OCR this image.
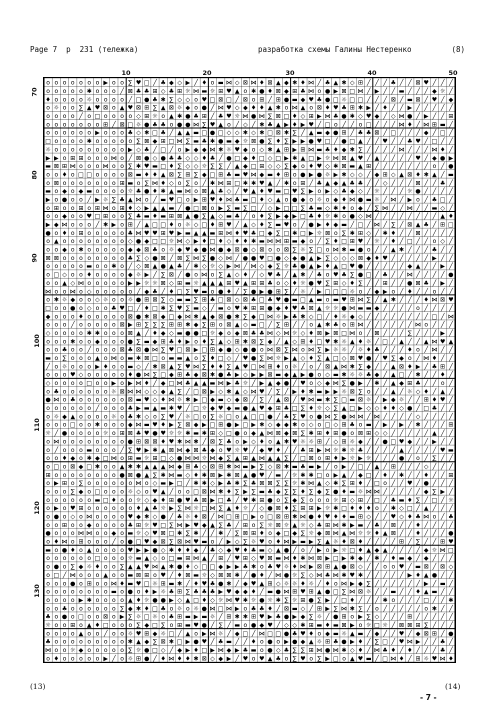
Page 7  p  231 (тележка)	разработка схемы Галины Нестеренко	(8)
10	20	30	40	50
70
80
90
100
110
120
130
o o o o o o o ▶ o o ∑ ♥ □ ╱ ♣ ◆ ◇ ▶ ╱ ♦ o ▬ ⋈ ◇ ⊠ ⋈ ♦ ⊠ ▲ ◆ ✱ ♦ ⋈ ╱ ♣ ▲ ✱ ◇ ⊞ ╱ ╱ ╱ ♣ ╱ ╱ ⊠ ♥ ╱ ╱ ╱
o o o o o ✱ o o o ╱ ⊠ ♣ ♣ ⊞ ◇ ♣ ⊞ ☼ ⋈ ▬ ☼ ⊞ ♥ ▲ o ✱ ● ♦ ⊠ ◆ ⊞ ♣ ⋈ o ● ▶ ⊠ □ ⋈ ╱ ▶ ╱ ╱ ▬ ╱ ╱ ╱ ◆ ☼ ╱
♦ o o o o ☼ o o o o ╱ □ ● ♣ ✱ ∑ ◇ ◇ o ♥ □ ⊠ □ ╱ ⊠ o ⊞ ╱ ⊞ ● ▬ ◆ ♥ ♣ ● □ ☼ □ □ ╱ ╱ ╱ ⊠ ╱ ▬ ⊠ ╱ ♥ ╱ ◆
o ☼ o o ∑ ▲ ♥ ⊠ o ▲ ♥ ⊠ ⊞ ∑ ▲ ⊠ ☼ ◆ o ● ╱ ⋈ ♥ ◇ ◆ ♦ ♦ ▲ ✱ o ⋈ ▲ o ⊠ ♦ ♥ ♣ ⊞ ✱ ▶ ╱ ♦ ╱ ╱ ▶ ╱ ╱ ╱ ╱ ╱
o o o o ╱ o □ o o o o ◇ ⊞ ☼ o ▲ ✱ ● ♣ ⊞ ╱ ♣ ♥ ☼ ⋈ ● ⋈ ∑ ⊠ □ ♦ ◇ ⊞ ▶ ⋈ ♣ ● ✱ ◇ ♥ ◆ ╱ ◇ ⋈ ● ╱ ▶ ╱ ╱ ⊞
o o o o o o o ⊞ ╱ ⊠ □ ☼ ● ♣ ♣ o ● ● ⋈ ∑ ♥ ▲ o ╱ ◇ ╱ ✱ ♣ ▲ ▶ ♦ ▶ ♥ ╱ □ o ╱ ╱ o □ ╱ ╱ ╱ ⋈ ♦ ╱ ⋈ ⊞ ▬ ╱
o o o o o o ▶ o o o ♣ ◇ ✱ □ ♣ ╱ ▲ ▲ ▬ □ ● □ ◇ ◇ ✱ ◇ ✱ □ ⊠ ✱ ∑ ╱ ▲ ▬ ◆ ● ⊞ ╱ ♣ ♣ ⊠ ╱ □ ╱ ╱ ╱ ◆ ╱ □ ╱
□ o o o o ✱ o o o o o ∑ ⊠ ◆ ⊞ □ ⋈ ∑ ▬ ♣ ✱ ● ▬ ◆ ☼ ⊠ ● ∑ ♦ ∑ ▶ ▶ ● ♥ □ ╱ ● □ ▲ ╱ ╱ ♥ ╱ ╱ ♣ ♥ ╱ □ ╱ ╱
☼ o o o o o o o o o ▶ ◇ ♣ ╱ □ ╱ o ▶ ◆ ◆ ⋈ ✱ ☼ ♥ ◆ o ◇ ✱ ▲ ⊞ ▶ ⊞ ⋈ ▬ ♣ ♦ ◆ ✱ ∑ ╱ ╱ ╱ ╱ ⋈ ╱ ╱ ╱ ⋈ ♦ ╱
▶ ▶ o ⊞ ⊞ o o o ⋈ o ╱ ⊠ ● ◇ ● ♣ ♣ ◇ ◇ ♦ ♣ ╱ ● □ ◆ ♦ □ ◇ □ ▶ ✱ ▲ □ ▶ ☼ ⋈ ⊠ ▲ ♥ ╱ ▲ ╱ ╱ ╱ ╱ ♥ ╱ ◆ ● ▶
▬ ⊠ ⊞ ⋈ o o o ⋈ o o ∑ ✱ ♥ ▬ □ ♦ ∑ ◇ ◇ ☼ ∑ ∑ ╱ ▲ ◆ □ ⊞ ◇ ◇ ∑ ◆ o ♦ ♥ ◇ ✱ ⊠ ▬ ▲ ⊞ ╱ ╱ ╱ ╱ ╱ ╱ ╱ o ╱ ●
o o ♦ o □ □ o o o o ⊠ ▬ ♦ ♦ ▲ ⊠ ∑ ⊞ ∑ ◆ □ ⊞ ♣ ▬ ♥ ⋈ ◆ ▬ ♦ ⊞ o ● ▶ ● ☼ ▶ ✱ ◇ ◇ ╱ ◆ ⊞ ◇ ▲ ⊠ ♦ ✱ ▲ ╱ ▬
o ⊠ o o o o o o o ⊞ ▬ o ∑ ⋈ ♦ ◇ o ∑ o ╱ ✱ ⋈ ⊞ □ ✱ ✱ ♥ ▲ ╱ ✱ o ⊞ ╱ ♣ ▲ ◆ ▲ ♣ ♣ ╱ ╱ ◇ ╱ ╱ ╱ ⊠ ╱ ╱ ♣ ╱
▬ o ◆ o ◆ ▬ o o o o ☼ ♣ ● ♦ ✱ ▲ ▬ ⋈ o ⊠ ▲ ♣ ◇ ╱ ♥ ▲ ♦ ♥ ▬ □ ♥ ∑ ▶ o ▶ ◇ ♣ ◆ ◇ ╱ ☼ ╱ ╱ ╱ ☼ ● ╱ ╱ ╱ ╱
▶ o ● o o ╱ ▶ ☼ ∑ ♣ ▲ ⋈ o ╱ ▬ ♥ □ o ▶ ⊞ ♥ ♦ ⋈ ♣ ▬ □ ♦ ◇ ▲ o ● ◆ o ☼ o ◆ ♦ ⋈ ● ▬ ☼ ╱ ⋈ ╱ ▶ o ╱ ♣ □ ╱
o ⊞ o o ⊞ o ⊞ ⋈ o ⊞ ♦ ◇ ▶ ▲ ▲ ▬ ╱ ● □ ⊠ o ▶ ∑ ▬ ∑ □ ╱ ◇ ▶ □ □ ∑ ♣ ▬ ◇ ✱ ♦ o ◆ ╱ ∑ ⋈ ╱ ╱ ⋈ ╱ ╱ ▬ ◇ ╱
o o ◆ o o ♥ □ ⊞ o o ∑ ♣ ▬ ♦ ▬ ⊞ ⊠ ▲ ● ∑ ▲ ◇ ▬ ♣ ╱ o ♦ ∑ ▶ ◆ ▶ □ ♣ ♦ ☼ ✱ o ● ◇ ⋈ ╱ ╱ ╱ ╱ ╱ ╱ ╱ ╱ ▲ ♦
▶ ◆ ⋈ o o o ╱ ✱ ▶ o ⊞ ╱ ▲ □ □ ♦ o ☼ ◇ □ ♦ ⊞ ♥ ╱ ▲ ◇ ♦ ∑ ▬ ♥ o ╱ ● ▶ ♦ ◆ ▬ ╱ □ ╱ ⋈ ╱ ∑ ╱ ⊠ ▲ ♣ ╱ ⊞ □
● o ♦ o ⊞ o o o o o ♣ ⋈ ♥ ♥ ⊞ ♥ ▶ ▬ ▲ ▲ ▬ ⊞ ⋈ ♦ ♥ ♣ □ ◆ ∑ □ ✱ □ ▶ ☼ ⊠ o ∑ ✱ ⊞ ◇ ╱ ✱ ♦ ╱ ╱ ⊠ ╱ ╱ ╱ ╱
o ▲ o o o o o o o o ◇ ● ◆ □ □ ☼ ⋈ ◇ ▶ ♦ □ ♦ ◇ ♦ ♦ ✱ ▬ ⋈ ⋈ ⊞ ▬ ◆ o ╱ ∑ ♦ □ ⊞ ♥ ╱ ☼ ╱ ♦ ╱ □ ╱ ╱ o ◇ ╱
o o ◆ o ✱ o o o o o ◆ ◆ ⊠ ♣ o ☼ ◆ ♥ ◆ ● ⋈ ● ◆ ⊠ ● ◇ ⊠ o o ⊠ ∑ ☼ ∑ □ o ⋈ ✱ ▬ ● o ╱ ╱ ▲ ✱ ╱ ╱ ╱ ♣ ╱ ╱
⊠ ⊠ o o o o o o o o ♣ ∑ ◇ ● ⊠ ╱ ⊠ ∑ ⋈ ∑ ● ◇ ⋈ ╱ ● ● ♥ □ ● ◇ ◆ ● ▲ ▶ ∑ ◇ ◇ ◇ ⊠ ◆ ♦ ♥ ╱ ╱ ╱ ╱ ╱ ▶ ╱ ╱
o o o o o ▬ o o ✱ o ╱ ◇ ⊠ ▲ ● ▲ ♣ ╱ ✱ ◇ ☼ ◇ ▶ ⋈ ╱ ⋈ ◇ ◆ ∑ ☼ ♣ ● ▲ ▶ ♦ ▲ □ ♥ ● ╱ ╱ ╱ ╱ ╱ ◆ ▲ ╱ ╱ ▶ ╱
o □ ◇ o o ♦ o o o o ◆ ☼ ▶ ╱ ∑ ⊠ ╱ ● o ⋈ o ∑ ▲ ◇ ♦ ╱ ◇ ♥ ♣ ╱ ▲ ✱ ╱ ♣ o ♥ ♣ ∑ ● □ ╱ ♣ ╱ ╱ ⋈ ╱ ╱ ╱ ╱ ●
o o ▲ ◇ ⋈ o o o o o ▶ ▶ ☼ ☼ ⊠ ◇ ⊞ ▬ ☼ ▲ ▲ ▲ ⊞ ♥ ▲ ⊞ ⊞ ♣ o ◇ ♦ ☼ ● ♥ ∑ ⊞ ◇ ♦ ∑ ╱ ╱ ⊞ ╱ ╱ ● ⊠ ♣ ╱ ▶ ╱
⋈ o o ⋈ o ◇ o o o o o ╱ ◆ ♣ ╱ ♦ □ ∑ ♥ ▬ o ● ♦ ╱ ∑ ● ▶ ● ⊞ ∑ ╱ ☼ ╱ ▶ □ □ □ ☼ o ╱ ◆ ▶ o ╱ ♦ ╱ ╱ o ╱ ╱
o ✱ ☼ ◆ o o ◇ ☼ o o ☼ ● ⊞ ⊠ ∑ ◇ ▬ ▬ ∑ ⊞ ♣ □ ⊠ ◇ ⊠ ♣ □ ♣ ♥ ● ▬ □ ▲ ▬ o ▬ ♥ ⊞ ⋈ ∑ ╱ ▲ ✱ ╱ ╱ ╱ ♦ ⋈ ⊠ ♥
□ o o ● o ◇ o o ♣ ♥ □ ╱ ♦ □ ✱ ∑ ♥ ∑ ▬ ◇ ╱ ▬ o ♥ ✱ ⊞ ⊞ ● ◆ ♦ ♥ ♣ ⊠ ▲ ☼ ☼ ● ⋈ ▬ ▬ ◆ ╱ ╱ ╱ ╱ o ╱ ╱ ╱ ╱
◆ o o o ♦ o o o o o ⊠ ● ✱ ⊠ ◆ □ ◆ ⋈ ✱ ▲ ◆ ⊠ ● ✱ ∑ ◆ □ ⋈ ☼ ▶ ♣ ✱ ◇ □ ╱ ♦ ☼ ◆ ◇ ╱ ╱ ╱ ╱ ╱ ╱ ╱ ╱ □ ╱ ⋈
o o o ╱ o o o o o ⊠ ▶ ⊞ ∑ ∑ ∑ ⊞ ⊞ ✱ ◆ ∑ ⊞ o ⊠ ▲ ◇ ▬ □ ╱ ∑ ⊞ ╱ ╱ o ▲ ✱ ♣ o ⊞ ⋈ ╱ ╱ ╱ ╱ ╱ ╱ ⋈ o ╱ ╱ ╱
◇ o o o o ✱ ✱ o o o ⊠ ▲ ╱ ♦ ◆ ◇ ▬ ● ● □ ☼ ◆ o ◆ ⊠ ♣ ♣ ⋈ ◇ ⋈ ☼ ◇ ♦ ⊠ ▶ ⊠ □ ⋈ o ╱ ⊠ ╱ ╱ ╱ ∑ ╱ ╱ ╱ ▶ ╱
o o o ✱ o o ◆ o o o ● ∑ ▬ ◆ ⊞ ♣ ♦ ▶ o ♦ ∑ ▲ ◇ ⊞ ✱ ⊠ ∑ ◆ ╱ ▲ ◇ ⊞ ♦ □ ♥ ✱ ☼ ▲ ♦ ☼ ╱ □ ╱ ▲ ╱ ╱ ▲ ⋈ ♥ ▲
o o ♣ o o ╱ o o o ⊠ ♣ ⊠ ● ⋈ ∑ ♥ □ ⊠ ▶ □ ⊞ ◆ ● ◇ ● ● o ⋈ ⊠ ∑ ⋈ o ⋈ ∑ ▶ ☼ ☼ ╱ ☼ ♦ ♣ ╱ ╱ ╱ ♦ o ╱ ⋈ ╱ ╱
▬ o ∑ o o o ▲ o ⋈ o ▬ ✱ ⊠ □ o ▬ ▬ ▲ o ∑ ♦ □ ◇ ╱ ♥ ● ∑ ⋈ ☼ ▶ ▲ ◇ ♦ ∑ ▲ □ ◇ ⊠ ♥ ● ╱ ♥ ∑ ◆ o ╱ ⋈ ♦ ╱ ╱
╱ o ☼ o o o ▶ ♦ o o ▬ ◇ ╱ ✱ ⊠ ▲ ∑ ♥ ⋈ ∑ ♦ ♦ ∑ ▲ ♥ □ ⋈ ⊞ ♦ o ☼ ╱ o ╱ ⊠ ▲ ⋈ ✱ ∑ ◆ ╱ ╱ ▲ ⊠ ♦ ▶ ╱ ♣ ⊞ ╱
o o o ♥ ◇ o o o o o ♦ ● ⋈ ∑ □ ◆ ⊞ ♣ ◆ ⊠ ✱ ● ♣ ▶ ◇ ▶ ▶ ⊠ ▬ ◆ ▲ ▶ ● o ◇ ▬ ✱ ☼ ☼ ♣ ◆ ╱ ▲ □ ╱ ✱ ╱ ╱ ♦ ╱
◇ o o o o □ o o ▶ o ▶ ⋈ ♦ ╱ ◆ □ ⋈ ♣ ▲ ▲ ▬ ⋈ ▶ ♣ ☼ ╱ ▶ ▲ ◆ ● ╱ ♥ o ◇ ◆ ⋈ ∑ ● ▶ ╱ ✱ ╱ ▲ ◆ ⊞ ♣ ╱ ╱ o ╱
o ♣ o o o o o o ☼ ⊠ ⋈ ⋈ ◇ ◇ ◆ ▲ ∑ ╱ □ ⊠ ▶ ◇ ✱ ▲ ◇ ⋈ ♥ ╱ ∑ ╱ ▶ ♦ ✱ ▬ ▶ ▶ ☼ ⊠ ∑ o ╱ ╱ ▲ ╱ ☼ ◇ ♦ ╱ ▲ ╱
● ⋈ o ♣ o o o o o o ⊠ ▬ ♥ ◇ ♦ ⋈ ☼ ✱ ▶ □ ◆ ▬ ◇ ◆ ⊠ ╱ ∑ ╱ ▲ ⊠ ╱ ♥ ⋈ ▬ ✱ ∑ □ ▬ ⊠ ☼ ╱ ▶ ◆ ☼ ╱ ╱ ⊞ ♦ ♥ ╱
o o o o o o ╱ o o o ♣ ▶ ▬ ▲ ▬ ✱ ♥ ╱ □ ☼ ◆ ♥ ◆ ▬ ● ▲ ♥ ◆ ⊞ ♣ □ ∑ ♦ ☼ ◇ ∑ ▲ □ ▶ ◇ ◇ ♦ ♦ ◇ ● ╱ □ ♣ ╱ ╱
o ☼ ◆ ▲ o o o o ☼ o ♣ ✱ ◇ o ∑ ♥ ╱ ☼ □ o ∑ ☼ □ o ▲ □ □ ● ╱ ♣ ∑ ♥ o ● ⋈ ∑ ● ⋈ ⋈ ╱ ⋈ ╱ ╱ ╱ ╱ ◇ ╱ ╱ ╱ ╱
o o o □ o o ✱ o o o ◆ ⋈ ▬ ♥ ♦ ▶ ∑ ⊠ ◆ ▶ □ ⊞ ● ▶ □ ▶ ✱ ◇ ◆ ◆ ✱ o ◇ o □ ◇ ⊞ ♣ o ▬ ╱ ▶ ╱ ▶ ╱ ✱ ╱ ╱ ╱ ⊞
☼ ╱ ● o o o o ☼ o ⊞ ⊠ ♣ ♥ ● ♥ ☼ ☼ ✱ ▬ ✱ ⊞ ◇ □ ● o ◆ ▲ ⋈ ⊠ ◆ ⊠ ∑ ✱ ⊞ ♦ ⊞ ● o ⊠ ⊞ ◇ ◇ ╱ ╱ ╱ ╱ ╱ ▲ ╱ ╱
o ⋈ o o o o o o o o ● ⊞ ⊠ ⊠ ♦ ♥ ✱ ⋈ ✱ ╱ ⊠ ∑ ♣ o ▶ ◇ ♦ o ▲ ✱ ♥ ☼ ☼ ⊞ ╱ ◇ ⊞ ☼ ◆ ╱ ╱ ● □ ♥ ◆ ╱ ╱ ▶ ╱ ╱
o ╱ o o o ▬ o o o ╱ ∑ ♥ ▶ ✱ ▲ ⊠ ⋈ ◆ ⊠ ♣ ◆ o ♥ ☼ ♥ ╱ ◆ ♥ ♦ ╱ ╱ ♣ ⊞ ▶ ⋈ ☼ ✱ ☼ ♣ ╱ ╱ ╱ ╱ ▲ ╱ ╱ ╱ ╱ ♥ ▬
o o ♦ ◆ o ✱ ◆ □ ⋈ o ⊞ ▬ ☼ ⊞ □ ◇ ● ⋈ ⋈ ☼ ⋈ ◆ ∑ ▲ ⊞ ▲ ⋈ ▲ ▲ ∑ ╱ □ ⊠ o ⊞ ♦ ▶ ☼ ▶ ☼ ╱ ╱ ╱ ● ╱ o ╱ ∑ ╱ ╱
o □ o ⊠ ◆ □ ✱ o o ▲ ✱ ✱ ▲ ▲ ▲ ⋈ ◆ ⊞ ♣ ◇ ⊠ ⊞ ✱ ⋈ ▬ ▶ ∑ ◇ ⊠ ✱ ▬ ♣ ▬ ▶ ╱ o ▶ ╱ □ ╱ ▲ ╱ ⊞ ╱ ╱ ╱ ◇ ╱ ╱ ╱
⊞ o o o o o o o o ● ⊠ ● ▲ ∑ ✱ ⋈ ▬ ◇ ♦ ✱ ⊠ ▶ ✱ ⊠ ▲ ● ♥ ╱ ▬ ╱ ☼ ✱ ✱ □ o ▶ ▲ ╱ ◆ □ ╱ ♦ ╱ ✱ ╱ ╱ ♦ ╱ ╱ ⊞
o ▶ ⊞ o ∑ o o o o o o ⋈ o ◇ ▬ ▶ □ ╱ ✱ ✱ ◇ ▶ ♣ ✱ ∑ ♣ ⊠ ⊠ ∑ ∑ ☼ ✱ ⋈ ▲ ◇ ✱ ∑ ⊞ ♦ ╱ □ o ╱ ╱ ♥ ╱ ● ╱ ╱ ╱
o o o ∑ ◆ o □ o o o ☼ ◇ o ♥ ▲ ╱ o o □ ⊠ ⋈ ✱ ♦ ∑ ▶ ∑ ▬ ♣ ◆ ∑ ∑ ♦ ∑ ◆ ∑ ● ♦ ▬ ☼ ⋈ ⋈ ╱ ╱ ╱ ╱ ╱ ◆ ∑ ▶ ╱
o o o o o o ▬ □ ♦ o o ☼ ◇ ◆ ♦ ⊞ ● ♥ ♣ ⊠ ▶ □ ♣ ╱ ♥ ✱ ⊞ ● o ∑ ◆ ∑ o o o ☼ ⊞ ◇ ⊞ ╱ □ ╱ ♣ ▬ ♦ ∑ ╱ □ ╱ ☼
o ▶ o ♥ ⊞ o o o o o o ♦ ▲ ♣ ☼ ▶ ∑ ⋈ ☼ □ ⋈ ∑ ▲ ♦ ☼ ╱ ◇ ● ⊠ ♦ ∑ ⊞ ⊞ ▶ ☼ ✱ □ ♦ ♦ ♦ o ╱ ✱ ◇ □ ╱ ▲ ╱ ╱ ╱
o ● o ◇ o ⋈ o o o o ♥ ◆ ✱ ◇ ● ╱ ♣ ☼ ♦ ⊠ ╱ ⋈ □ ⊞ □ ▶ o □ ⊠ ⊞ ✱ ⋈ ● ♦ ♥ ♦ ♦ ▬ ⊞ ◇ ╱ ╱ ♥ ◇ ♦ ♣ ⋈ o ╱ ♣
o o ⊞ o o ◆ o o o o ♣ ⊞ ☼ ♥ □ ∑ ⋈ ▶ ♥ ◆ ▲ ∑ ♣ ╱ ⊞ o ∑ ☼ ⊠ ☼ ▲ ☼ ◇ ♣ ⊞ ⋈ ✱ ▶ ▬ ╱ ♣ ╱ ⊠ ╱ ╱ ♦ ╱ ╱ ╱ ╱
● o o o ⋈ ⋈ o o ◆ o ▬ ☼ ◇ ♥ ⊠ □ ✱ ∑ ✱ ╱ ╱ ✱ ╱ ∑ ⊠ ⊞ ♦ o ◆ □ ◆ ∑ ☼ ◆ ⊠ ⋈ ▲ ⋈ ☼ ☼ ♦ ▲ ⊠ ╱ ╱ ♦ ╱ ╱ ╱ ●
o ♦ ⋈ o ⊞ o o o ╱ o ● □ ♥ ◆ ⊠ ∑ ⊠ ⋈ ♥ ▬ o ╱ ▶ ◇ ∑ ☼ ♥ o ♦ ⋈ ▶ ▬ ▶ ∑ ▲ ☼ ♦ ⊠ ♦ ╱ ╱ ╱ ╱ ⊞ ╱ ∑ ╱ ╱ ⊞ ♥
▬ o ● ♦ o ▲ o o o o ♥ ▶ ▶ ● ◇ ✱ ♦ ♦ ◆ ╱ ♣ ◇ ◆ ♥ ♦ ♣ ▬ ◇ ▲ ● ╱ o ╱ ▶ o ▶ ☼ □ ♦ ▲ ◆ ▲ ╱ ╱ ╱ ╱ ◆ ☼ ⋈ □
o o o o o o □ o o o ☼ ▬ ▲ ◇ o □ ▬ ⊞ ⋈ ▲ ╱ ⊞ ╱ ♥ ⊞ ◇ ♥ ⊠ ▬ ⋈ ♦ ✱ ⋈ ⊠ ▶ □ ▶ ✱ ◆ ╱ ✱ ╱ ♦ ▬ ◆ ╱ ◆ ╱ ╱ ╱
o ● o ∑ ◆ ☼ ♦ o o ∑ ▲ ▲ ♥ ⋈ ▲ ✱ ● ♦ ◇ □ □ ◆ ▶ ▶ ♣ ✱ o ♣ ♥ ☼ ♦ ⋈ ▶ ⊠ ⊞ ▲ ● ⊠ ◇ ╱ ╱ o o ♥ ╱ ▬ ⊠ ╱ ⊠ ◇
o □ ╱ ⋈ o o o ▲ o o ▬ ⊠ ⊞ o ♥ ╱ ♦ ⊠ ▬ ☼ ◇ ⊠ ⊠ ✱ ╱ ● ♦ ╱ ⋈ ● ☼ ∑ ◇ ⋈ ♣ ⋈ ✱ ♥ ✱ ╱ ╱ ╱ ╱ ╱ ▶ ♦ ▲ ● ╱ ╱
o o o ● o ⊞ o o ⋈ ♦ ▬ ♥ □ ☼ ⊞ ▬ ✱ ╱ ♦ ♥ ♣ ● ✱ ╱ ◆ ♥ ▲ ⊞ ◇ ☼ ☼ ♦ ☼ ╱ ♦ o ⋈ ▶ ◆ ∑ ╱ ╱ ╱ ╱ ╱ ╱ ▶ ╱ ▬ ╱
o o o o o o o o ▬ o ● o ♦ ▶ ☼ ♣ ⊞ ∑ ♣ ♣ ♣ ▶ ♥ ◆ ◆ ♦ ╱ ▬ ● ⋈ ⊞ ♥ ⊞ ▲ ● □ ∑ ⋈ ⊠ ☼ ╱ ╱ ▬ ╱ ╱ ♦ ▲ ▬ ╱ ╱
o o o o ▶ ✱ o o o o ▲ ♦ ☼ ● ● ▶ ◇ ▲ □ ♦ ◇ ☼ ⋈ ♥ ✱ ☼ ● ☼ ✱ ∑ ☼ ⊞ ● ∑ ▶ ╱ □ ♦ ╱ ╱ ╱ ✱ o ╱ ╱ ╱ □ ╱ ╱ ✱
o o ♣ o o o o o o ∑ ◆ ✱ ♦ □ ♣ o ☼ o ☼ ● ⋈ □ ⋈ ▶ o ♣ ♣ ♦ ╱ ⊠ ▬ ◇ ╱ ⊞ ▶ ∑ ⋈ ✱ ∑ ╱ o ╱ ╱ ╱ ╱ ╱ o ✱ ╱ ╱
♣ o ● o □ o o ⊠ o ▶ ∑ ☼ □ ☼ o ♣ ⊞ ▬ ▶ ▬ ☼ ╱ ⊞ ✱ ✱ ⊞ ♥ ▶ ♣ ● ▶ ◆ ∑ ☼ ╱ ● ⊞ o ▶ ∑ ◇ ╱ ╱ ╱ ⊞ ╱ ╱ ╱ ╱ ╱
☼ o o ⊞ o ▲ ♦ □ o o o ∑ ◆ □ ∑ o ⊞ ▬ ♥ ● ╱ ∑ ╱ ▬ o ● ◆ ♥ ╱ ◇ ◇ ✱ ⊞ ▬ ♦ ▬ ⊠ ▶ o ☼ □ ☼ ╱ ⊠ ⊠ ⊞ ∑ ╱ ╱ ╱
o o o o ▲ o o ╱ o o ☼ ♥ ⊞ ◆ ☼ □ ╱ ▲ o ▶ ⋈ ☼ ╱ ◆ □ ╱ ⋈ □ □ ● ♣ ♥ ♦ o ◆ ▬ ☼ ▲ ▬ ╱ ◆ ╱ ╱ ♥ ╱ ◆ ⊠ ⊞ ╱ ●
♣ o o o o o o o o o ✱ ▲ ◆ ∑ ⊠ ✱ □ ▶ ● ♥ ╱ ♣ ▬ ╱ ╱ ♦ o ● o ▶ ● ◆ ▲ ☼ ⊞ ♣ ● ▶ ♦ ╱ ∑ □ ╱ ♥ ⋈ ▶ ╱ ╱ ♣ ╱
⋈ o o ☼ ◆ o o o o o ∑ ☼ ● □ ◇ ╱ ◆ ▶ ♦ □ ▶ ⋈ ◆ ▶ ♣ ▬ o ● ◇ ♣ ∑ ∑ ⊞ ⋈ ● ⋈ ✱ ◇ ♦ ╱ ⋈ ♣ ♦ ╱ ♦ ╱ ╱ ╱ ♣ ╱
o ♦ o o o o o ▶ ╱ o ☼ ⊞ ● ╱ ♦ ⋈ ♦ ♦ ✱ ⊠ ◇ ◆ ▶ ╱ ♥ o ♥ ▲ ♣ o ∑ ♥ o ∑ ▶ □ o ▲ ♥ ▬ ╱ □ ⋈ ♦ ╱ ⊞ ☼ ♥ ⋈ ♦
(13)	(14)
- 7 -
